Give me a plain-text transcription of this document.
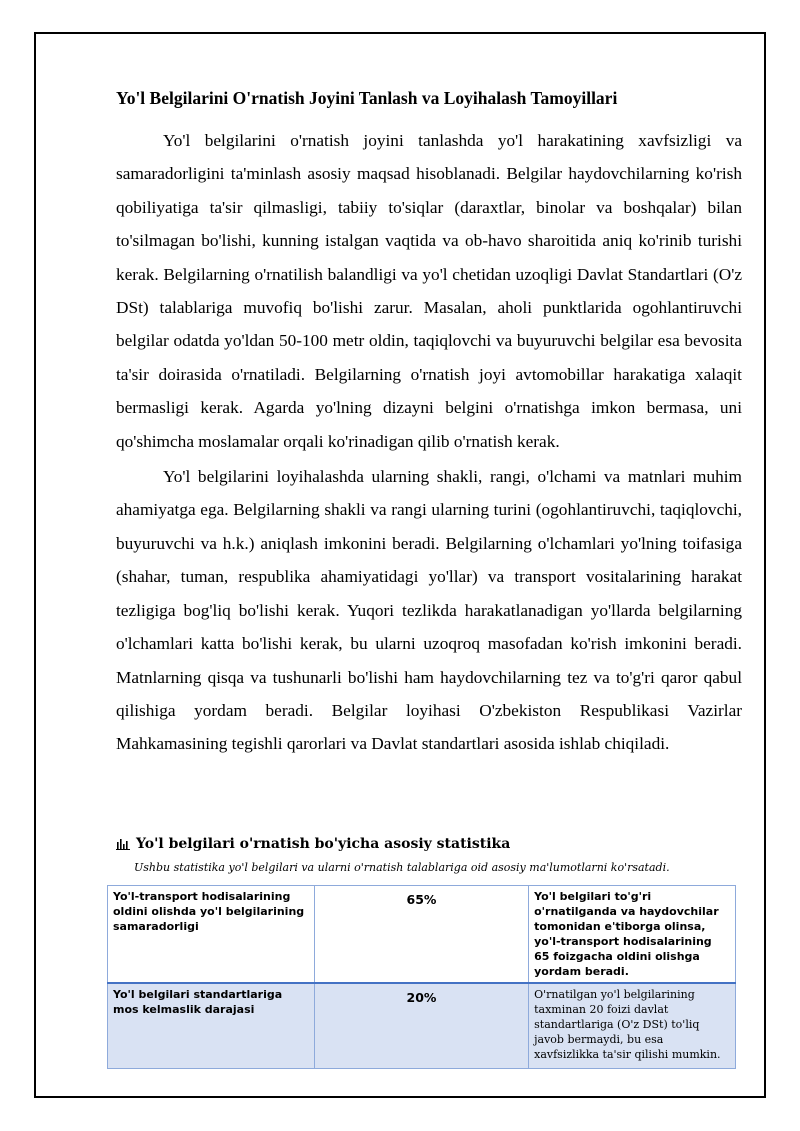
Yo'l Belgilarini O'rnatish Joyini Tanlash va Loyihalash Tamoyillari

Yo'l belgilarini o'rnatish joyini tanlashda yo'l harakatining xavfsizligi va samaradorligini ta'minlash asosiy maqsad hisoblanadi. Belgilar haydovchilarning ko'rish qobiliyatiga ta'sir qilmasligi, tabiiy to'siqlar (daraxtlar, binolar va boshqalar) bilan to'silmagan bo'lishi, kunning istalgan vaqtida va ob-havo sharoitida aniq ko'rinib turishi kerak. Belgilarning o'rnatilish balandligi va yo'l chetidan uzoqligi Davlat Standartlari (O'z DSt) talablariga muvofiq bo'lishi zarur. Masalan, aholi punktlarida ogohlantiruvchi belgilar odatda yo'ldan 50-100 metr oldin, taqiqlovchi va buyuruvchi belgilar esa bevosita ta'sir doirasida o'rnatiladi. Belgilarning o'rnatish joyi avtomobillar harakatiga xalaqit bermasligi kerak. Agarda yo'lning dizayni belgini o'rnatishga imkon bermasa, uni qo'shimcha moslamalar orqali ko'rinadigan qilib o'rnatish kerak.

Yo'l belgilarini loyihalashda ularning shakli, rangi, o'lchami va matnlari muhim ahamiyatga ega. Belgilarning shakli va rangi ularning turini (ogohlantiruvchi, taqiqlovchi, buyuruvchi va h.k.) aniqlash imkonini beradi. Belgilarning o'lchamlari yo'lning toifasiga (shahar, tuman, respublika ahamiyatidagi yo'llar) va transport vositalarining harakat tezligiga bog'liq bo'lishi kerak. Yuqori tezlikda harakatlanadigan yo'llarda belgilarning o'lchamlari katta bo'lishi kerak, bu ularni uzoqroq masofadan ko'rish imkonini beradi. Matnlarning qisqa va tushunarli bo'lishi ham haydovchilarning tez va to'g'ri qaror qabul qilishiga yordam beradi. Belgilar loyihasi O'zbekiston Respublikasi Vazirlar Mahkamasining tegishli qarorlari va Davlat standartlari asosida ishlab chiqiladi.

Yo'l belgilari o'rnatish bo'yicha asosiy statistika
Ushbu statistika yo'l belgilari va ularni o'rnatish talablariga oid asosiy ma'lumotlarni ko'rsatadi.
Yo'l-transport hodisalarining oldini olishda yo'l belgilarining samaradorligi	65%	Yo'l belgilari to'g'ri o'rnatilganda va haydovchilar tomonidan e'tiborga olinsa, yo'l-transport hodisalarining 65 foizgacha oldini olishga yordam beradi.
Yo'l belgilari standartlariga mos kelmaslik darajasi	20%	O'rnatilgan yo'l belgilarining taxminan 20 foizi davlat standartlariga (O'z DSt) to'liq javob bermaydi, bu esa xavfsizlikka ta'sir qilishi mumkin.
